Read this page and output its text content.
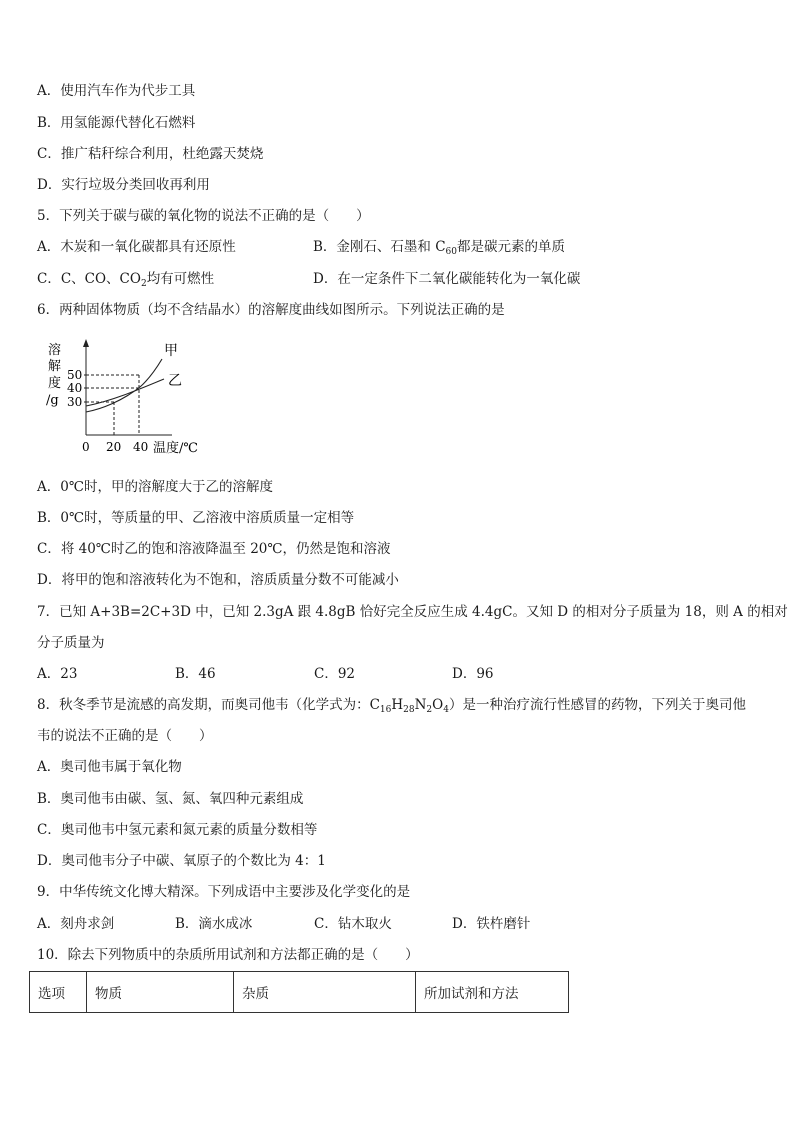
A．使用汽车作为代步工具
B．用氢能源代替化石燃料
C．推广秸秆综合利用，杜绝露天焚烧
D．实行垃圾分类回收再利用
5．下列关于碳与碳的氧化物的说法不正确的是（　　）
A．木炭和一氧化碳都具有还原性	B．金刚石、石墨和 $C_{60}$都是碳元素的单质
C．C、CO、$CO_2$均有可燃性	D．在一定条件下二氧化碳能转化为一氧化碳
6．两种固体物质（均不含结晶水）的溶解度曲线如图所示。下列说法正确的是
溶
解
度
/g
50
40
30
甲
乙
0 20 40 温度/℃
A．0℃时，甲的溶解度大于乙的溶解度
B．0℃时，等质量的甲、乙溶液中溶质质量一定相等
C．将 40℃时乙的饱和溶液降温至 20℃，仍然是饱和溶液
D．将甲的饱和溶液转化为不饱和，溶质质量分数不可能减小
7．已知 A+3B=2C+3D 中，已知 2.3gA 跟 4.8gB 恰好完全反应生成 4.4gC。又知 D 的相对分子质量为 18，则 A 的相对
分子质量为
A．23	B．46	C．92	D．96
8．秋冬季节是流感的高发期，而奥司他韦（化学式为：$C_{16}H_{28}N_2O_4$）是一种治疗流行性感冒的药物，下列关于奥司他
韦的说法不正确的是（　　）
A．奥司他韦属于氧化物
B．奥司他韦由碳、氢、氮、氧四种元素组成
C．奥司他韦中氢元素和氮元素的质量分数相等
D．奥司他韦分子中碳、氧原子的个数比为 4：1
9．中华传统文化博大精深。下列成语中主要涉及化学变化的是
A．刻舟求剑	B．滴水成冰	C．钻木取火	D．铁杵磨针
10．除去下列物质中的杂质所用试剂和方法都正确的是（　　）
选项	物质	杂质	所加试剂和方法
